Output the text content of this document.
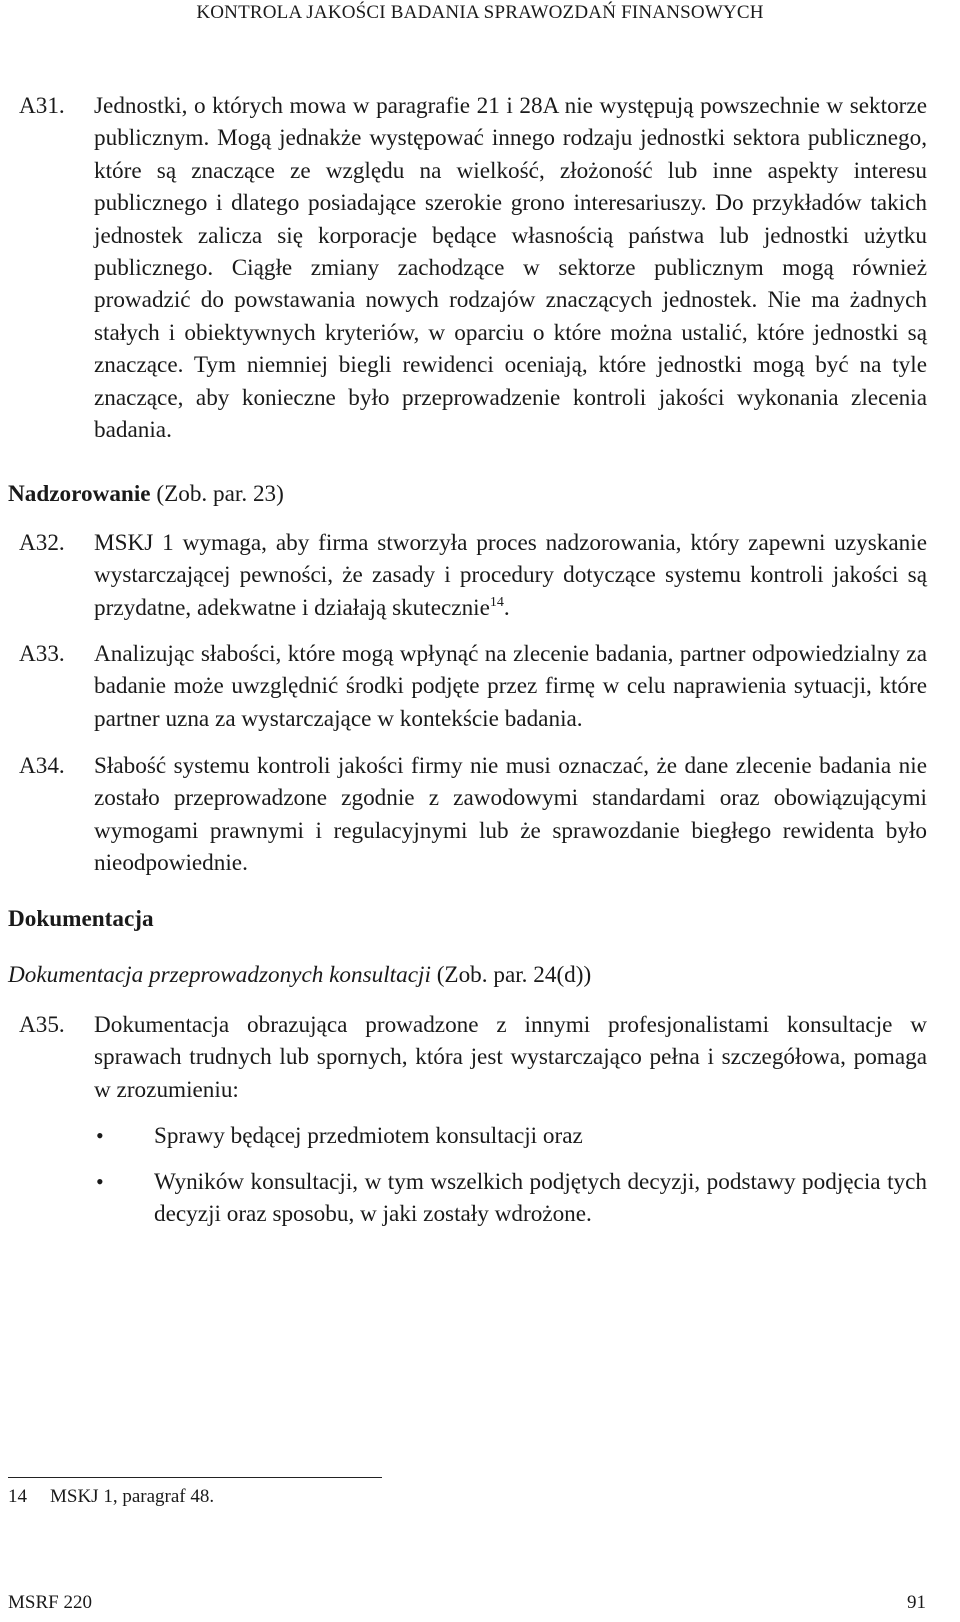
KONTROLA JAKOŚCI BADANIA SPRAWOZDAŃ FINANSOWYCH
A31.	Jednostki, o których mowa w paragrafie 21 i 28A nie występują powszechnie w sektorze publicznym. Mogą jednakże występować innego rodzaju jednostki sektora publicznego, które są znaczące ze względu na wielkość, złożoność lub inne aspekty interesu publicznego i dlatego posiadające szerokie grono interesariuszy. Do przykładów takich jednostek zalicza się korporacje będące własnością państwa lub jednostki użytku publicznego. Ciągłe zmiany zachodzące w sektorze publicznym mogą również prowadzić do powstawania nowych rodzajów znaczących jednostek. Nie ma żadnych stałych i obiektywnych kryteriów, w oparciu o które można ustalić, które jednostki są znaczące. Tym niemniej biegli rewidenci oceniają, które jednostki mogą być na tyle znaczące, aby konieczne było przeprowadzenie kontroli jakości wykonania zlecenia badania.
Nadzorowanie (Zob. par. 23)
A32.	MSKJ 1 wymaga, aby firma stworzyła proces nadzorowania, który zapewni uzyskanie wystarczającej pewności, że zasady i procedury dotyczące systemu kontroli jakości są przydatne, adekwatne i działają skutecznie$^{14}$.
A33.	Analizując słabości, które mogą wpłynąć na zlecenie badania, partner odpowiedzialny za badanie może uwzględnić środki podjęte przez firmę w celu naprawienia sytuacji, które partner uzna za wystarczające w kontekście badania.
A34.	Słabość systemu kontroli jakości firmy nie musi oznaczać, że dane zlecenie badania nie zostało przeprowadzone zgodnie z zawodowymi standardami oraz obowiązującymi wymogami prawnymi i regulacyjnymi lub że sprawozdanie biegłego rewidenta było nieodpowiednie.
Dokumentacja
Dokumentacja przeprowadzonych konsultacji (Zob. par. 24(d))
A35.	Dokumentacja obrazująca prowadzone z innymi profesjonalistami konsultacje w sprawach trudnych lub spornych, która jest wystarczająco pełna i szczegółowa, pomaga w zrozumieniu:
•	Sprawy będącej przedmiotem konsultacji oraz
•	Wyników konsultacji, w tym wszelkich podjętych decyzji, podstawy podjęcia tych decyzji oraz sposobu, w jaki zostały wdrożone.
14	MSKJ 1, paragraf 48.
MSRF 220	91
